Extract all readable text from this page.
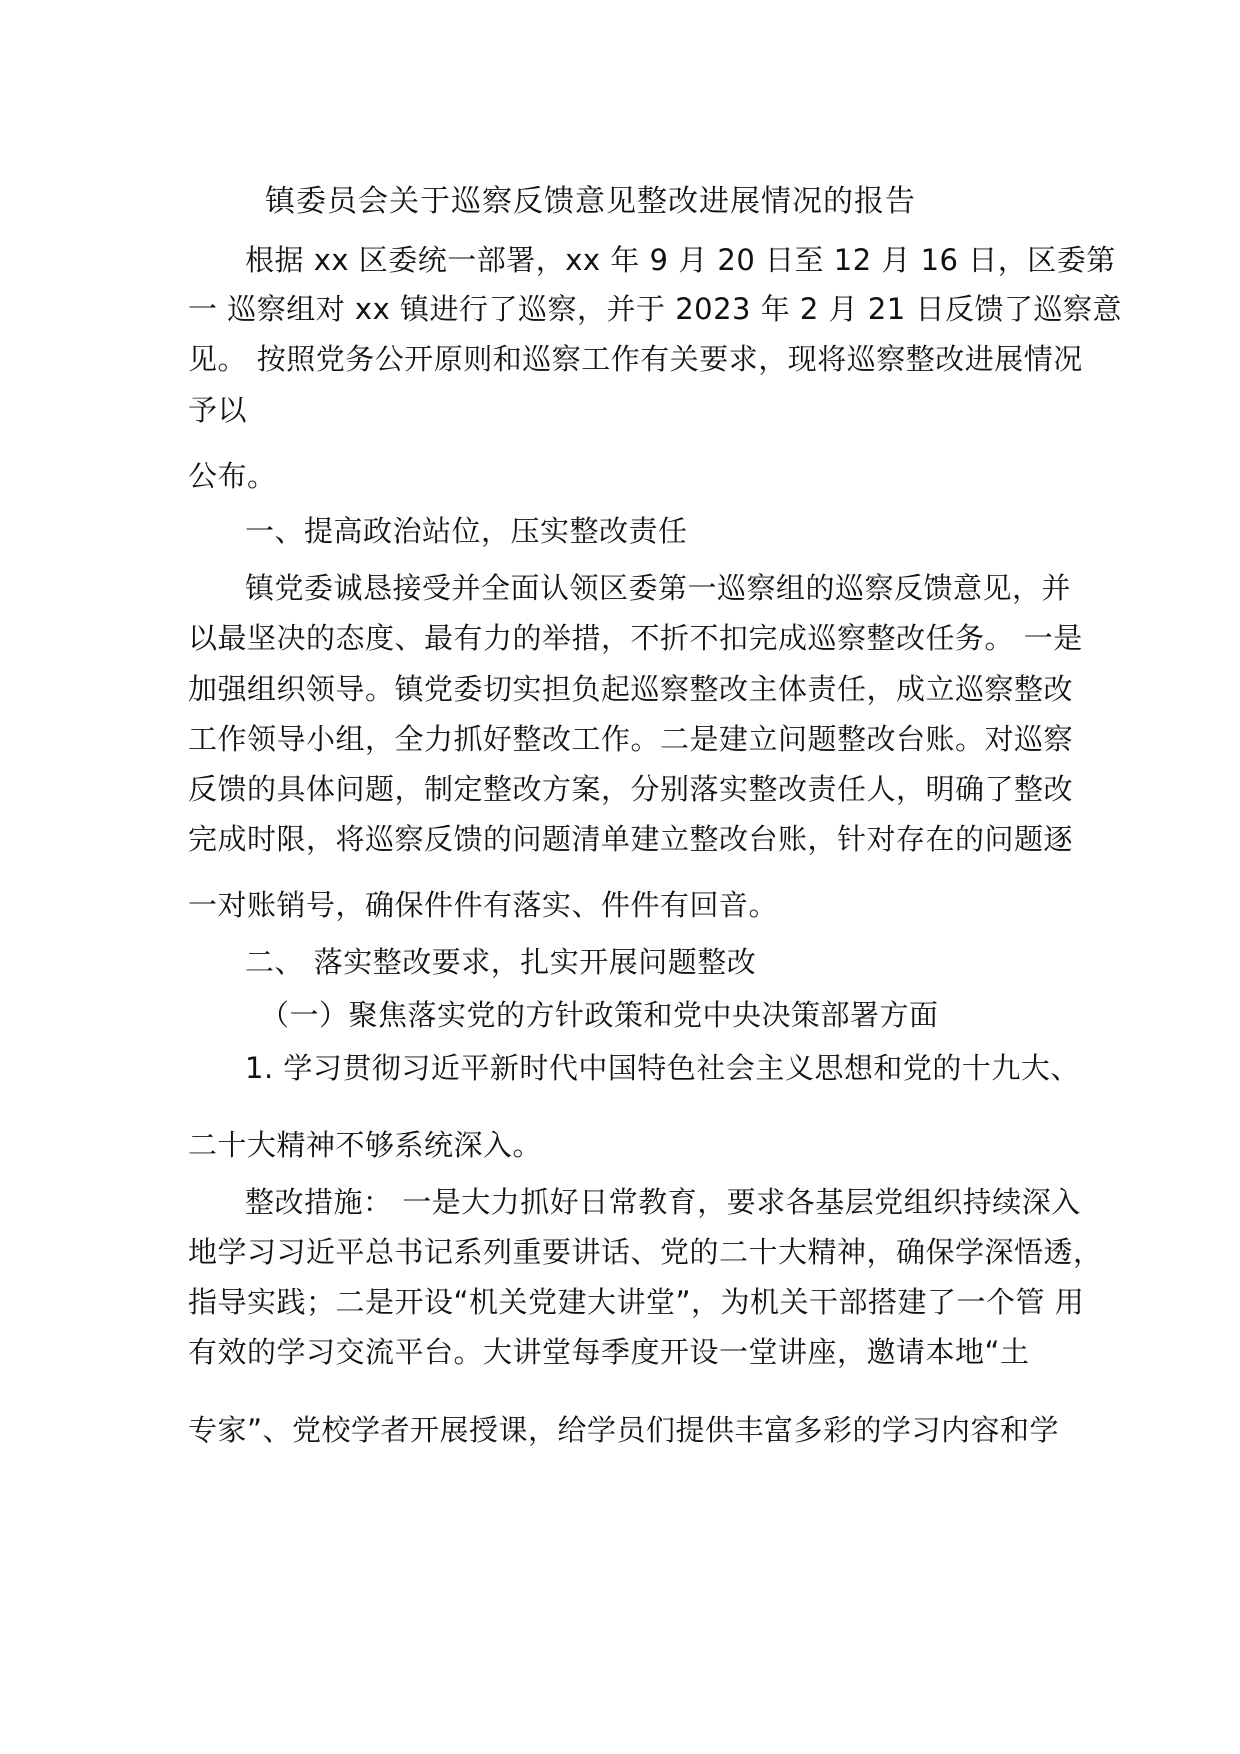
镇委员会关于巡察反馈意见整改进展情况的报告
根据 xx 区委统一部署，xx 年 9 月 20 日至 12 月 16 日，区委第
一 巡察组对 xx 镇进行了巡察，并于 2023 年 2 月 21 日反馈了巡察意
见。 按照党务公开原则和巡察工作有关要求，现将巡察整改进展情况
予以
公布。
一、提高政治站位，压实整改责任
镇党委诚恳接受并全面认领区委第一巡察组的巡察反馈意见，并
以最坚决的态度、最有力的举措，不折不扣完成巡察整改任务。 一是
加强组织领导。镇党委切实担负起巡察整改主体责任，成立巡察整改
工作领导小组，全力抓好整改工作。二是建立问题整改台账。对巡察
反馈的具体问题，制定整改方案，分别落实整改责任人，明确了整改
完成时限，将巡察反馈的问题清单建立整改台账，针对存在的问题逐
一对账销号，确保件件有落实、件件有回音。
二、 落实整改要求，扎实开展问题整改
（一）聚焦落实党的方针政策和党中央决策部署方面
1. 学习贯彻习近平新时代中国特色社会主义思想和党的十九大、
二十大精神不够系统深入。
整改措施： 一是大力抓好日常教育，要求各基层党组织持续深入
地学习习近平总书记系列重要讲话、党的二十大精神，确保学深悟透，
指导实践；二是开设“机关党建大讲堂”，为机关干部搭建了一个管 用
有效的学习交流平台。大讲堂每季度开设一堂讲座，邀请本地“土
专家”、党校学者开展授课，给学员们提供丰富多彩的学习内容和学
